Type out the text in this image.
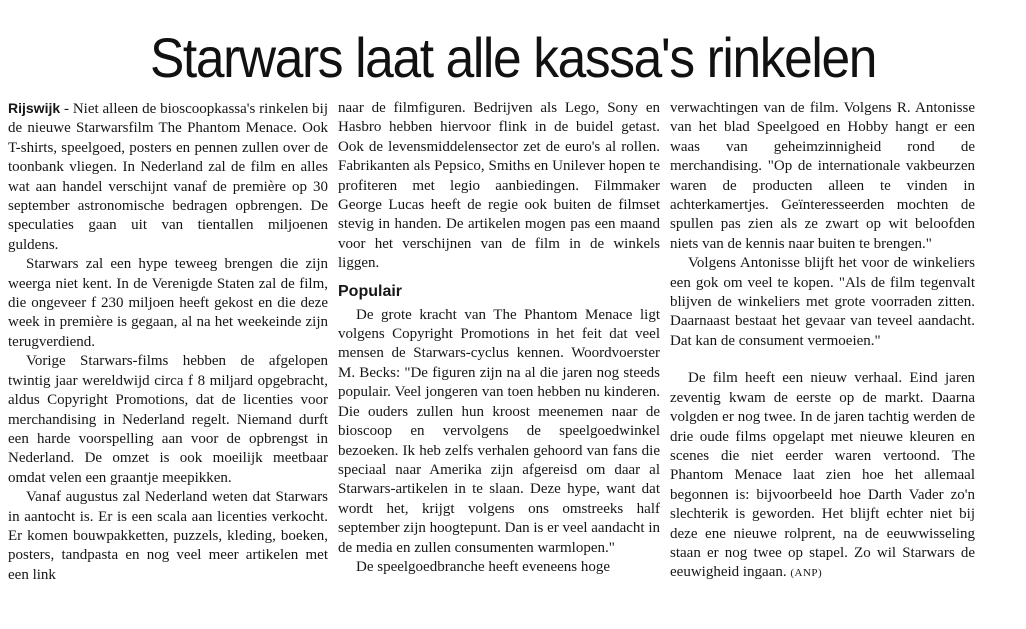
Starwars laat alle kassa's rinkelen

Rijswijk - Niet alleen de bioscoopkassa's rinkelen bij de nieuwe Starwarsfilm The Phantom Menace. Ook T-shirts, speelgoed, posters en pennen zullen over de toonbank vliegen. In Nederland zal de film en alles wat aan handel verschijnt vanaf de première op 30 september astronomische bedragen opbrengen. De speculaties gaan uit van tientallen miljoenen guldens.

Starwars zal een hype teweeg brengen die zijn weerga niet kent. In de Verenigde Staten zal de film, die ongeveer f 230 miljoen heeft gekost en die deze week in première is gegaan, al na het weekeinde zijn terugverdiend.

Vorige Starwars-films hebben de afgelopen twintig jaar wereldwijd circa f 8 miljard opgebracht, aldus Copyright Promotions, dat de licenties voor merchandising in Nederland regelt. Niemand durft een harde voorspelling aan voor de opbrengst in Nederland. De omzet is ook moeilijk meetbaar omdat velen een graantje meepikken.

Vanaf augustus zal Nederland weten dat Starwars in aantocht is. Er is een scala aan licenties verkocht. Er komen bouwpakketten, puzzels, kleding, boeken, posters, tandpasta en nog veel meer artikelen met een link

naar de filmfiguren. Bedrijven als Lego, Sony en Hasbro hebben hiervoor flink in de buidel getast. Ook de levensmiddelensector zet de euro's al rollen. Fabrikanten als Pepsico, Smiths en Unilever hopen te profiteren met legio aanbiedingen. Filmmaker George Lucas heeft de regie ook buiten de filmset stevig in handen. De artikelen mogen pas een maand voor het verschijnen van de film in de winkels liggen.

Populair

De grote kracht van The Phantom Menace ligt volgens Copyright Promotions in het feit dat veel mensen de Starwars-cyclus kennen. Woordvoerster M. Becks: "De figuren zijn na al die jaren nog steeds populair. Veel jongeren van toen hebben nu kinderen. Die ouders zullen hun kroost meenemen naar de bioscoop en vervolgens de speelgoedwinkel bezoeken. Ik heb zelfs verhalen gehoord van fans die speciaal naar Amerika zijn afgereisd om daar al Starwars-artikelen in te slaan. Deze hype, want dat wordt het, krijgt volgens ons omstreeks half september zijn hoogtepunt. Dan is er veel aandacht in de media en zullen consumenten warmlopen."

De speelgoedbranche heeft eveneens hoge

verwachtingen van de film. Volgens R. Antonisse van het blad Speelgoed en Hobby hangt er een waas van geheimzinnigheid rond de merchandising. "Op de internationale vakbeurzen waren de producten alleen te vinden in achterkamertjes. Geïnteresseerden mochten de spullen pas zien als ze zwart op wit beloofden niets van de kennis naar buiten te brengen."

Volgens Antonisse blijft het voor de winkeliers een gok om veel te kopen. "Als de film tegenvalt blijven de winkeliers met grote voorraden zitten. Daarnaast bestaat het gevaar van teveel aandacht. Dat kan de consument vermoeien."

De film heeft een nieuw verhaal. Eind jaren zeventig kwam de eerste op de markt. Daarna volgden er nog twee. In de jaren tachtig werden de drie oude films opgelapt met nieuwe kleuren en scenes die niet eerder waren vertoond. The Phantom Menace laat zien hoe het allemaal begonnen is: bijvoorbeeld hoe Darth Vader zo'n slechterik is geworden. Het blijft echter niet bij deze ene nieuwe rolprent, na de eeuwwisseling staan er nog twee op stapel. Zo wil Starwars de eeuwigheid ingaan. (ANP)
